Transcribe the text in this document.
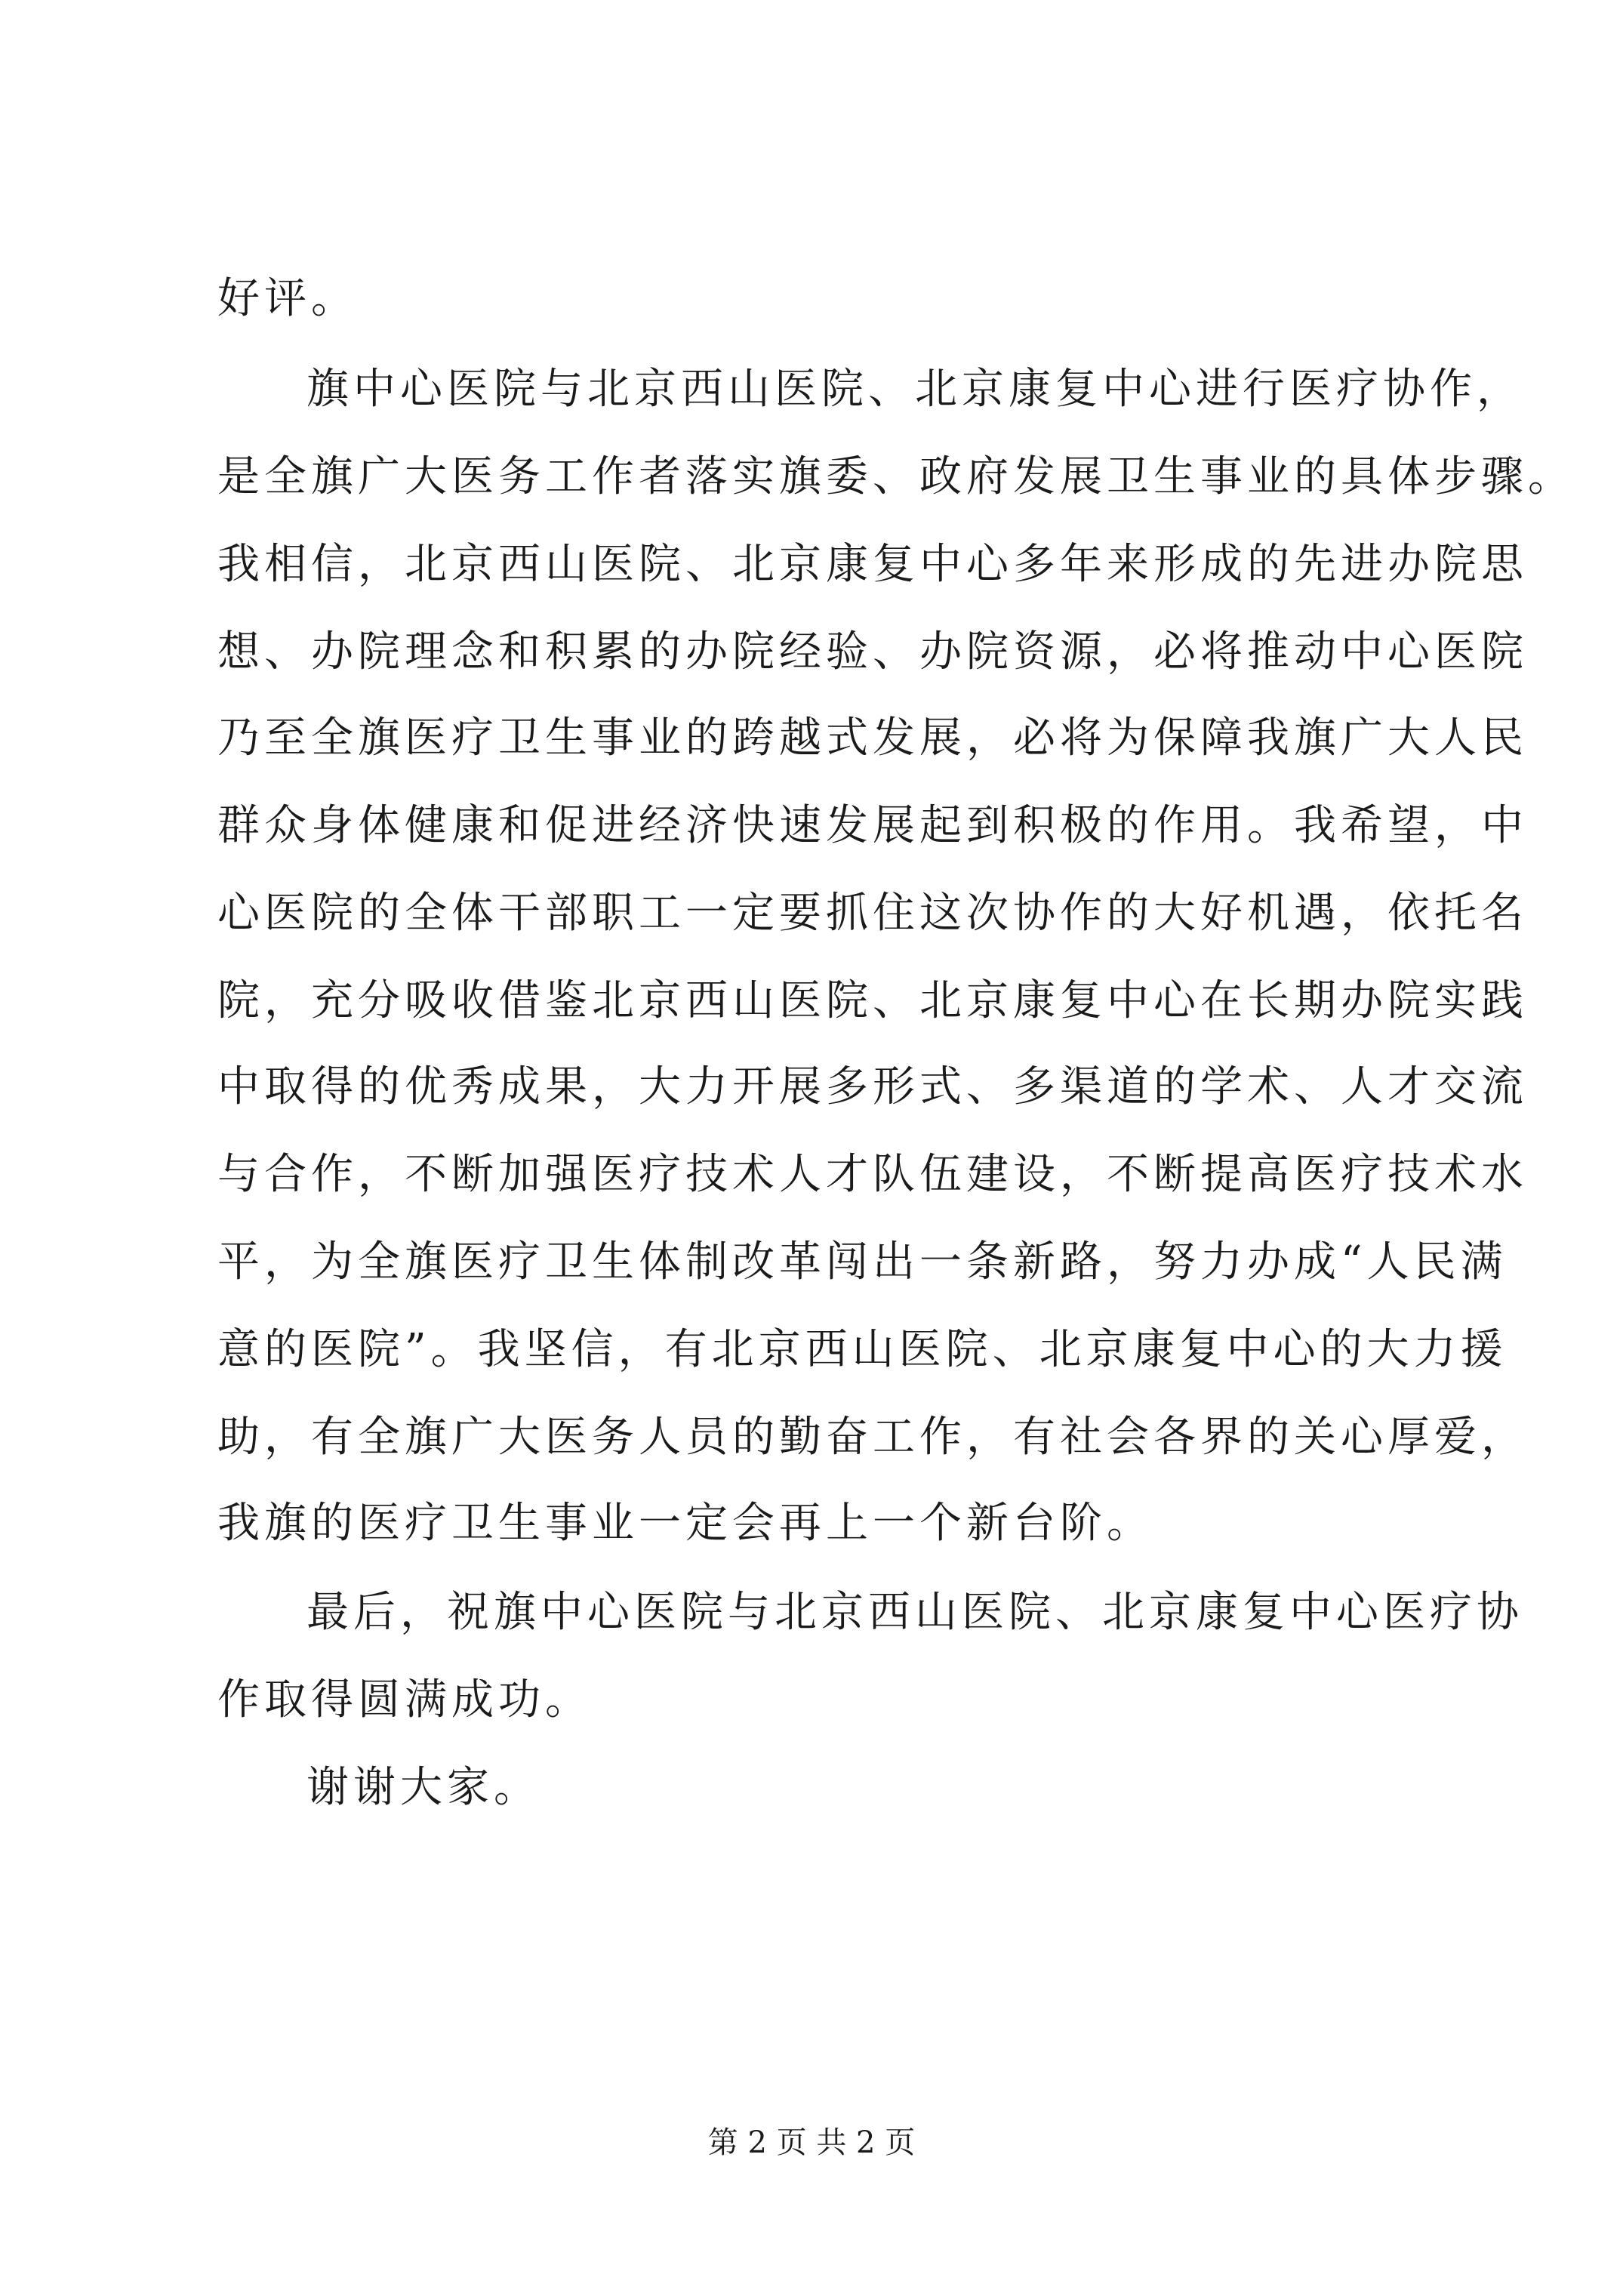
好评。
旗中心医院与北京西山医院、北京康复中心进行医疗协作，
是全旗广大医务工作者落实旗委、政府发展卫生事业的具体步骤。
我相信，北京西山医院、北京康复中心多年来形成的先进办院思
想、办院理念和积累的办院经验、办院资源，必将推动中心医院
乃至全旗医疗卫生事业的跨越式发展，必将为保障我旗广大人民
群众身体健康和促进经济快速发展起到积极的作用。我希望，中
心医院的全体干部职工一定要抓住这次协作的大好机遇，依托名
院，充分吸收借鉴北京西山医院、北京康复中心在长期办院实践
中取得的优秀成果，大力开展多形式、多渠道的学术、人才交流
与合作，不断加强医疗技术人才队伍建设，不断提高医疗技术水
平，为全旗医疗卫生体制改革闯出一条新路，努力办成“人民满
意的医院”。我坚信，有北京西山医院、北京康复中心的大力援
助，有全旗广大医务人员的勤奋工作，有社会各界的关心厚爱，
我旗的医疗卫生事业一定会再上一个新台阶。
最后，祝旗中心医院与北京西山医院、北京康复中心医疗协
作取得圆满成功。
谢谢大家。
第 2 页 共 2 页
